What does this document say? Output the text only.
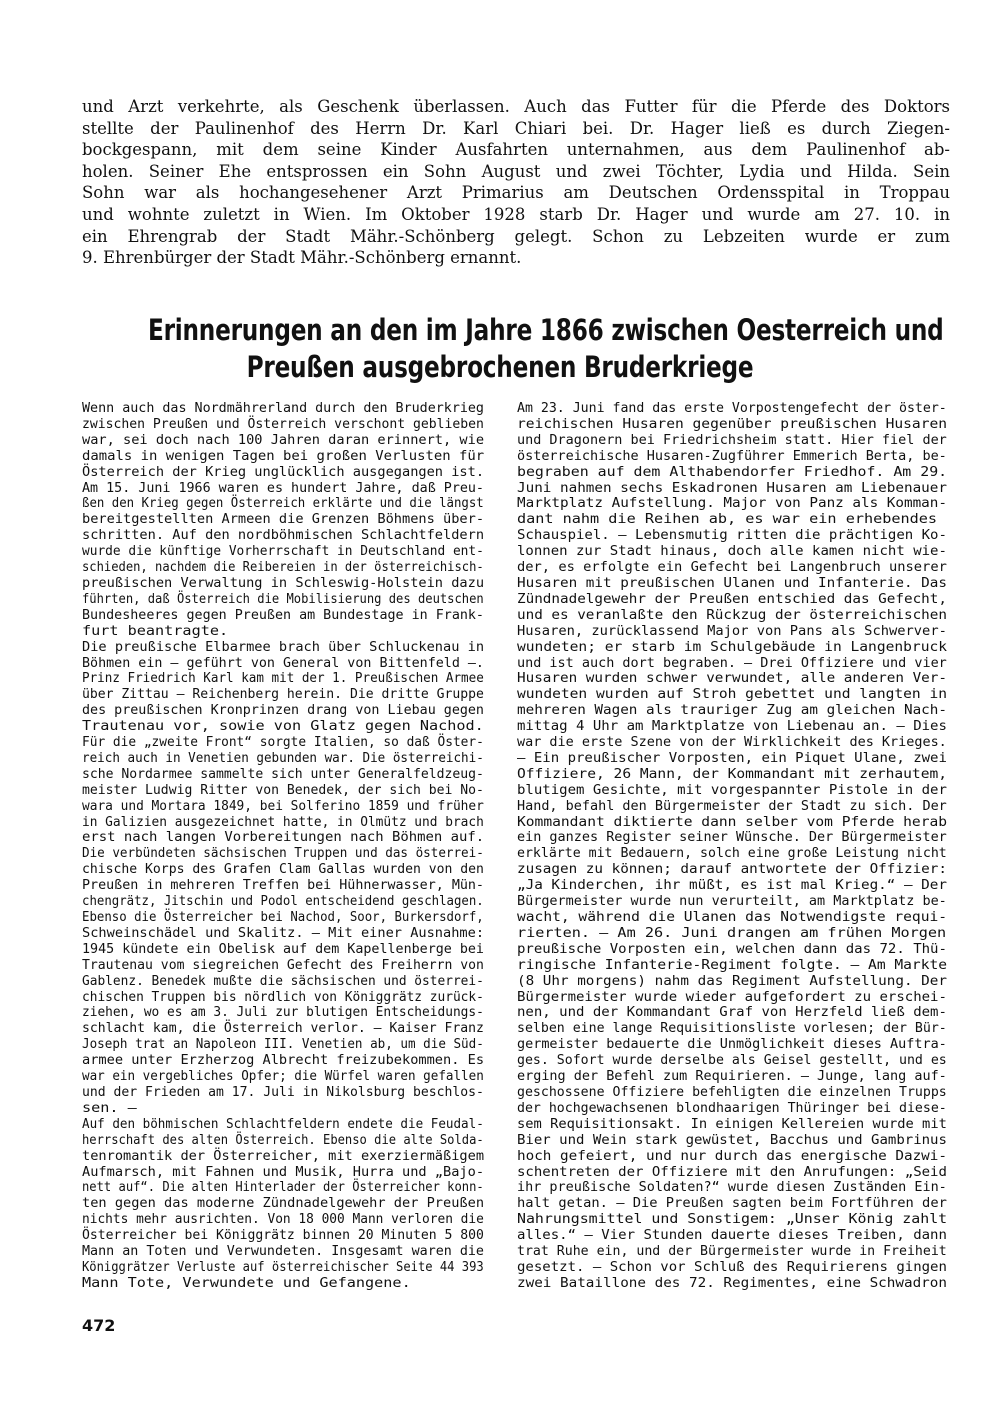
und Arzt verkehrte, als Geschenk überlassen. Auch das Futter für die Pferde des Doktors
stellte der Paulinenhof des Herrn Dr. Karl Chiari bei. Dr. Hager ließ es durch Ziegen-
bockgespann, mit dem seine Kinder Ausfahrten unternahmen, aus dem Paulinenhof ab-
holen. Seiner Ehe entsprossen ein Sohn August und zwei Töchter, Lydia und Hilda. Sein
Sohn war als hochangesehener Arzt Primarius am Deutschen Ordensspital in Troppau
und wohnte zuletzt in Wien. Im Oktober 1928 starb Dr. Hager und wurde am 27. 10. in
ein Ehrengrab der Stadt Mähr.-Schönberg gelegt. Schon zu Lebzeiten wurde er zum
9. Ehrenbürger der Stadt Mähr.-Schönberg ernannt.
Erinnerungen an den im Jahre 1866 zwischen Oesterreich und
Preußen ausgebrochenen Bruderkriege
Wenn auch das Nordmährerland durch den Bruderkrieg
zwischen Preußen und Österreich verschont geblieben
war, sei doch nach 100 Jahren daran erinnert, wie
damals in wenigen Tagen bei großen Verlusten für
Österreich der Krieg unglücklich ausgegangen ist.
Am 15. Juni 1966 waren es hundert Jahre, daß Preu-
ßen den Krieg gegen Österreich erklärte und die längst
bereitgestellten Armeen die Grenzen Böhmens über-
schritten. Auf den nordböhmischen Schlachtfeldern
wurde die künftige Vorherrschaft in Deutschland ent-
schieden, nachdem die Reibereien in der österreichisch-
preußischen Verwaltung in Schleswig-Holstein dazu
führten, daß Österreich die Mobilisierung des deutschen
Bundesheeres gegen Preußen am Bundestage in Frank-
furt beantragte.
Die preußische Elbarmee brach über Schluckenau in
Böhmen ein — geführt von General von Bittenfeld —.
Prinz Friedrich Karl kam mit der 1. Preußischen Armee
über Zittau — Reichenberg herein. Die dritte Gruppe
des preußischen Kronprinzen drang von Liebau gegen
Trautenau vor, sowie von Glatz gegen Nachod.
Für die „zweite Front“ sorgte Italien, so daß Öster-
reich auch in Venetien gebunden war. Die österreichi-
sche Nordarmee sammelte sich unter Generalfeldzeug-
meister Ludwig Ritter von Benedek, der sich bei No-
wara und Mortara 1849, bei Solferino 1859 und früher
in Galizien ausgezeichnet hatte, in Olmütz und brach
erst nach langen Vorbereitungen nach Böhmen auf.
Die verbündeten sächsischen Truppen und das österrei-
chische Korps des Grafen Clam Gallas wurden von den
Preußen in mehreren Treffen bei Hühnerwasser, Mün-
chengrätz, Jitschin und Podol entscheidend geschlagen.
Ebenso die Österreicher bei Nachod, Soor, Burkersdorf,
Schweinschädel und Skalitz. — Mit einer Ausnahme:
1945 kündete ein Obelisk auf dem Kapellenberge bei
Trautenau vom siegreichen Gefecht des Freiherrn von
Gablenz. Benedek mußte die sächsischen und österrei-
chischen Truppen bis nördlich von Königgrätz zurück-
ziehen, wo es am 3. Juli zur blutigen Entscheidungs-
schlacht kam, die Österreich verlor. — Kaiser Franz
Joseph trat an Napoleon III. Venetien ab, um die Süd-
armee unter Erzherzog Albrecht freizubekommen. Es
war ein vergebliches Opfer; die Würfel waren gefallen
und der Frieden am 17. Juli in Nikolsburg beschlos-
sen. —
Auf den böhmischen Schlachtfeldern endete die Feudal-
herrschaft des alten Österreich. Ebenso die alte Solda-
tenromantik der Österreicher, mit exerziermäßigem
Aufmarsch, mit Fahnen und Musik, Hurra und „Bajo-
nett auf“. Die alten Hinterlader der Österreicher konn-
ten gegen das moderne Zündnadelgewehr der Preußen
nichts mehr ausrichten. Von 18 000 Mann verloren die
Österreicher bei Königgrätz binnen 20 Minuten 5 800
Mann an Toten und Verwundeten. Insgesamt waren die
Königgrätzer Verluste auf österreichischer Seite 44 393
Mann Tote, Verwundete und Gefangene.
Am 23. Juni fand das erste Vorpostengefecht der öster-
reichischen Husaren gegenüber preußischen Husaren
und Dragonern bei Friedrichsheim statt. Hier fiel der
österreichische Husaren-Zugführer Emmerich Berta, be-
begraben auf dem Althabendorfer Friedhof. Am 29.
Juni nahmen sechs Eskadronen Husaren am Liebenauer
Marktplatz Aufstellung. Major von Panz als Komman-
dant nahm die Reihen ab, es war ein erhebendes
Schauspiel. — Lebensmutig ritten die prächtigen Ko-
lonnen zur Stadt hinaus, doch alle kamen nicht wie-
der, es erfolgte ein Gefecht bei Langenbruch unserer
Husaren mit preußischen Ulanen und Infanterie. Das
Zündnadelgewehr der Preußen entschied das Gefecht,
und es veranlaßte den Rückzug der österreichischen
Husaren, zurücklassend Major von Pans als Schwerver-
wundeten; er starb im Schulgebäude in Langenbruck
und ist auch dort begraben. — Drei Offiziere und vier
Husaren wurden schwer verwundet, alle anderen Ver-
wundeten wurden auf Stroh gebettet und langten in
mehreren Wagen als trauriger Zug am gleichen Nach-
mittag 4 Uhr am Marktplatze von Liebenau an. — Dies
war die erste Szene von der Wirklichkeit des Krieges.
— Ein preußischer Vorposten, ein Piquet Ulane, zwei
Offiziere, 26 Mann, der Kommandant mit zerhautem,
blutigem Gesichte, mit vorgespannter Pistole in der
Hand, befahl den Bürgermeister der Stadt zu sich. Der
Kommandant diktierte dann selber vom Pferde herab
ein ganzes Register seiner Wünsche. Der Bürgermeister
erklärte mit Bedauern, solch eine große Leistung nicht
zusagen zu können; darauf antwortete der Offizier:
„Ja Kinderchen, ihr müßt, es ist mal Krieg.“ — Der
Bürgermeister wurde nun verurteilt, am Marktplatz be-
wacht, während die Ulanen das Notwendigste requi-
rierten. — Am 26. Juni drangen am frühen Morgen
preußische Vorposten ein, welchen dann das 72. Thü-
ringische Infanterie-Regiment folgte. — Am Markte
(8 Uhr morgens) nahm das Regiment Aufstellung. Der
Bürgermeister wurde wieder aufgefordert zu erschei-
nen, und der Kommandant Graf von Herzfeld ließ dem-
selben eine lange Requisitionsliste vorlesen; der Bür-
germeister bedauerte die Unmöglichkeit dieses Auftra-
ges. Sofort wurde derselbe als Geisel gestellt, und es
erging der Befehl zum Requirieren. — Junge, lang auf-
geschossene Offiziere befehligten die einzelnen Trupps
der hochgewachsenen blondhaarigen Thüringer bei diese-
sem Requisitionsakt. In einigen Kellereien wurde mit
Bier und Wein stark gewüstet, Bacchus und Gambrinus
hoch gefeiert, und nur durch das energische Dazwi-
schentreten der Offiziere mit den Anrufungen: „Seid
ihr preußische Soldaten?“ wurde diesen Zuständen Ein-
halt getan. — Die Preußen sagten beim Fortführen der
Nahrungsmittel und Sonstigem: „Unser König zahlt
alles.“ — Vier Stunden dauerte dieses Treiben, dann
trat Ruhe ein, und der Bürgermeister wurde in Freiheit
gesetzt. — Schon vor Schluß des Requirierens gingen
zwei Bataillone des 72. Regimentes, eine Schwadron
472
